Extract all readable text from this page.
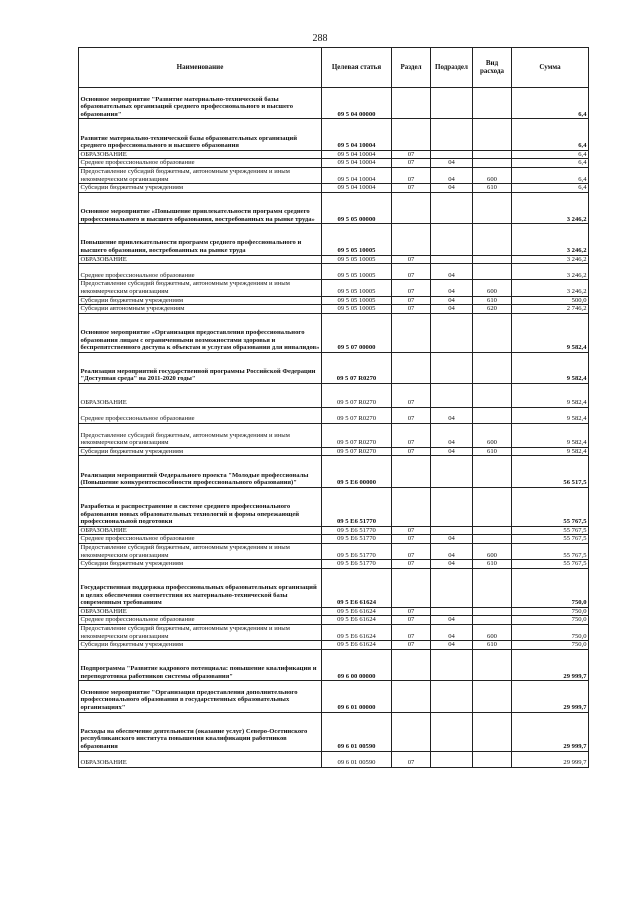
288
Наименование	Целевая статья	Раздел	Подраздел	Вид расхода	Сумма
Основное мероприятие "Развитие материально-технической базы образовательных организаций среднего профессионального и высшего образования"	09 5 04 00000				6,4
Развитие материально-технической базы образовательных организаций среднего профессионального и высшего образования	09 5 04 10004				6,4
ОБРАЗОВАНИЕ	09 5 04 10004	07			6,4
Среднее профессиональное образование	09 5 04 10004	07	04		6,4
Предоставление субсидий бюджетным, автономным учреждениям и иным некоммерческим организациям	09 5 04 10004	07	04	600	6,4
Субсидии бюджетным учреждениям	09 5 04 10004	07	04	610	6,4
Основное мероприятие «Повышение привлекательности программ среднего профессионального и высшего образования, востребованных на рынке труда»	09 5 05 00000				3 246,2
Повышение привлекательности программ среднего профессионального и высшего образования, востребованных на рынке труда	09 5 05 10005				3 246,2
ОБРАЗОВАНИЕ	09 5 05 10005	07			3 246,2
Среднее профессиональное образование	09 5 05 10005	07	04		3 246,2
Предоставление субсидий бюджетным, автономным учреждениям и иным некоммерческим организациям	09 5 05 10005	07	04	600	3 246,2
Субсидии бюджетным учреждениям	09 5 05 10005	07	04	610	500,0
Субсидии автономным учреждениям	09 5 05 10005	07	04	620	2 746,2
Основное мероприятие «Организация предоставления профессионального образования лицам с ограниченными возможностями здоровья и беспрепятственного доступа к объектам и услугам образования для инвалидов»	09 5 07 00000				9 582,4
Реализация мероприятий государственной программы Российской Федерации "Доступная среда" на 2011-2020 годы"	09 5 07 R0270				9 582,4
ОБРАЗОВАНИЕ	09 5 07 R0270	07			9 582,4
Среднее профессиональное образование	09 5 07 R0270	07	04		9 582,4
Предоставление субсидий бюджетным, автономным учреждениям и иным некоммерческим организациям	09 5 07 R0270	07	04	600	9 582,4
Субсидии бюджетным учреждениям	09 5 07 R0270	07	04	610	9 582,4
Реализация мероприятий Федерального проекта "Молодые профессионалы (Повышение конкурентоспособности профессионального образования)"	09 5 E6 00000				56 517,5
Разработка и распространение в системе среднего профессионального образования новых образовательных технологий и формы опережающей профессиональной подготовки	09 5 E6 51770				55 767,5
ОБРАЗОВАНИЕ	09 5 E6 51770	07			55 767,5
Среднее профессиональное образование	09 5 E6 51770	07	04		55 767,5
Предоставление субсидий бюджетным, автономным учреждениям и иным некоммерческим организациям	09 5 E6 51770	07	04	600	55 767,5
Субсидии бюджетным учреждениям	09 5 E6 51770	07	04	610	55 767,5
Государственная поддержка профессиональных образовательных организаций в целях обеспечения соответствия их материально-технической базы современным требованиям	09 5 E6 61624				750,0
ОБРАЗОВАНИЕ	09 5 E6 61624	07			750,0
Среднее профессиональное образование	09 5 E6 61624	07	04		750,0
Предоставление субсидий бюджетным, автономным учреждениям и иным некоммерческим организациям	09 5 E6 61624	07	04	600	750,0
Субсидии бюджетным учреждениям	09 5 E6 61624	07	04	610	750,0
Подпрограмма "Развитие кадрового потенциала: повышение квалификации и переподготовка работников системы образования"	09 6 00 00000				29 999,7
Основное мероприятие "Организация предоставления дополнительного профессионального образования в государственных образовательных организациях"	09 6 01 00000				29 999,7
Расходы на обеспечение деятельности (оказание услуг) Северо-Осетинского республиканского института повышения квалификации работников образования	09 6 01 00590				29 999,7
ОБРАЗОВАНИЕ	09 6 01 00590	07			29 999,7
